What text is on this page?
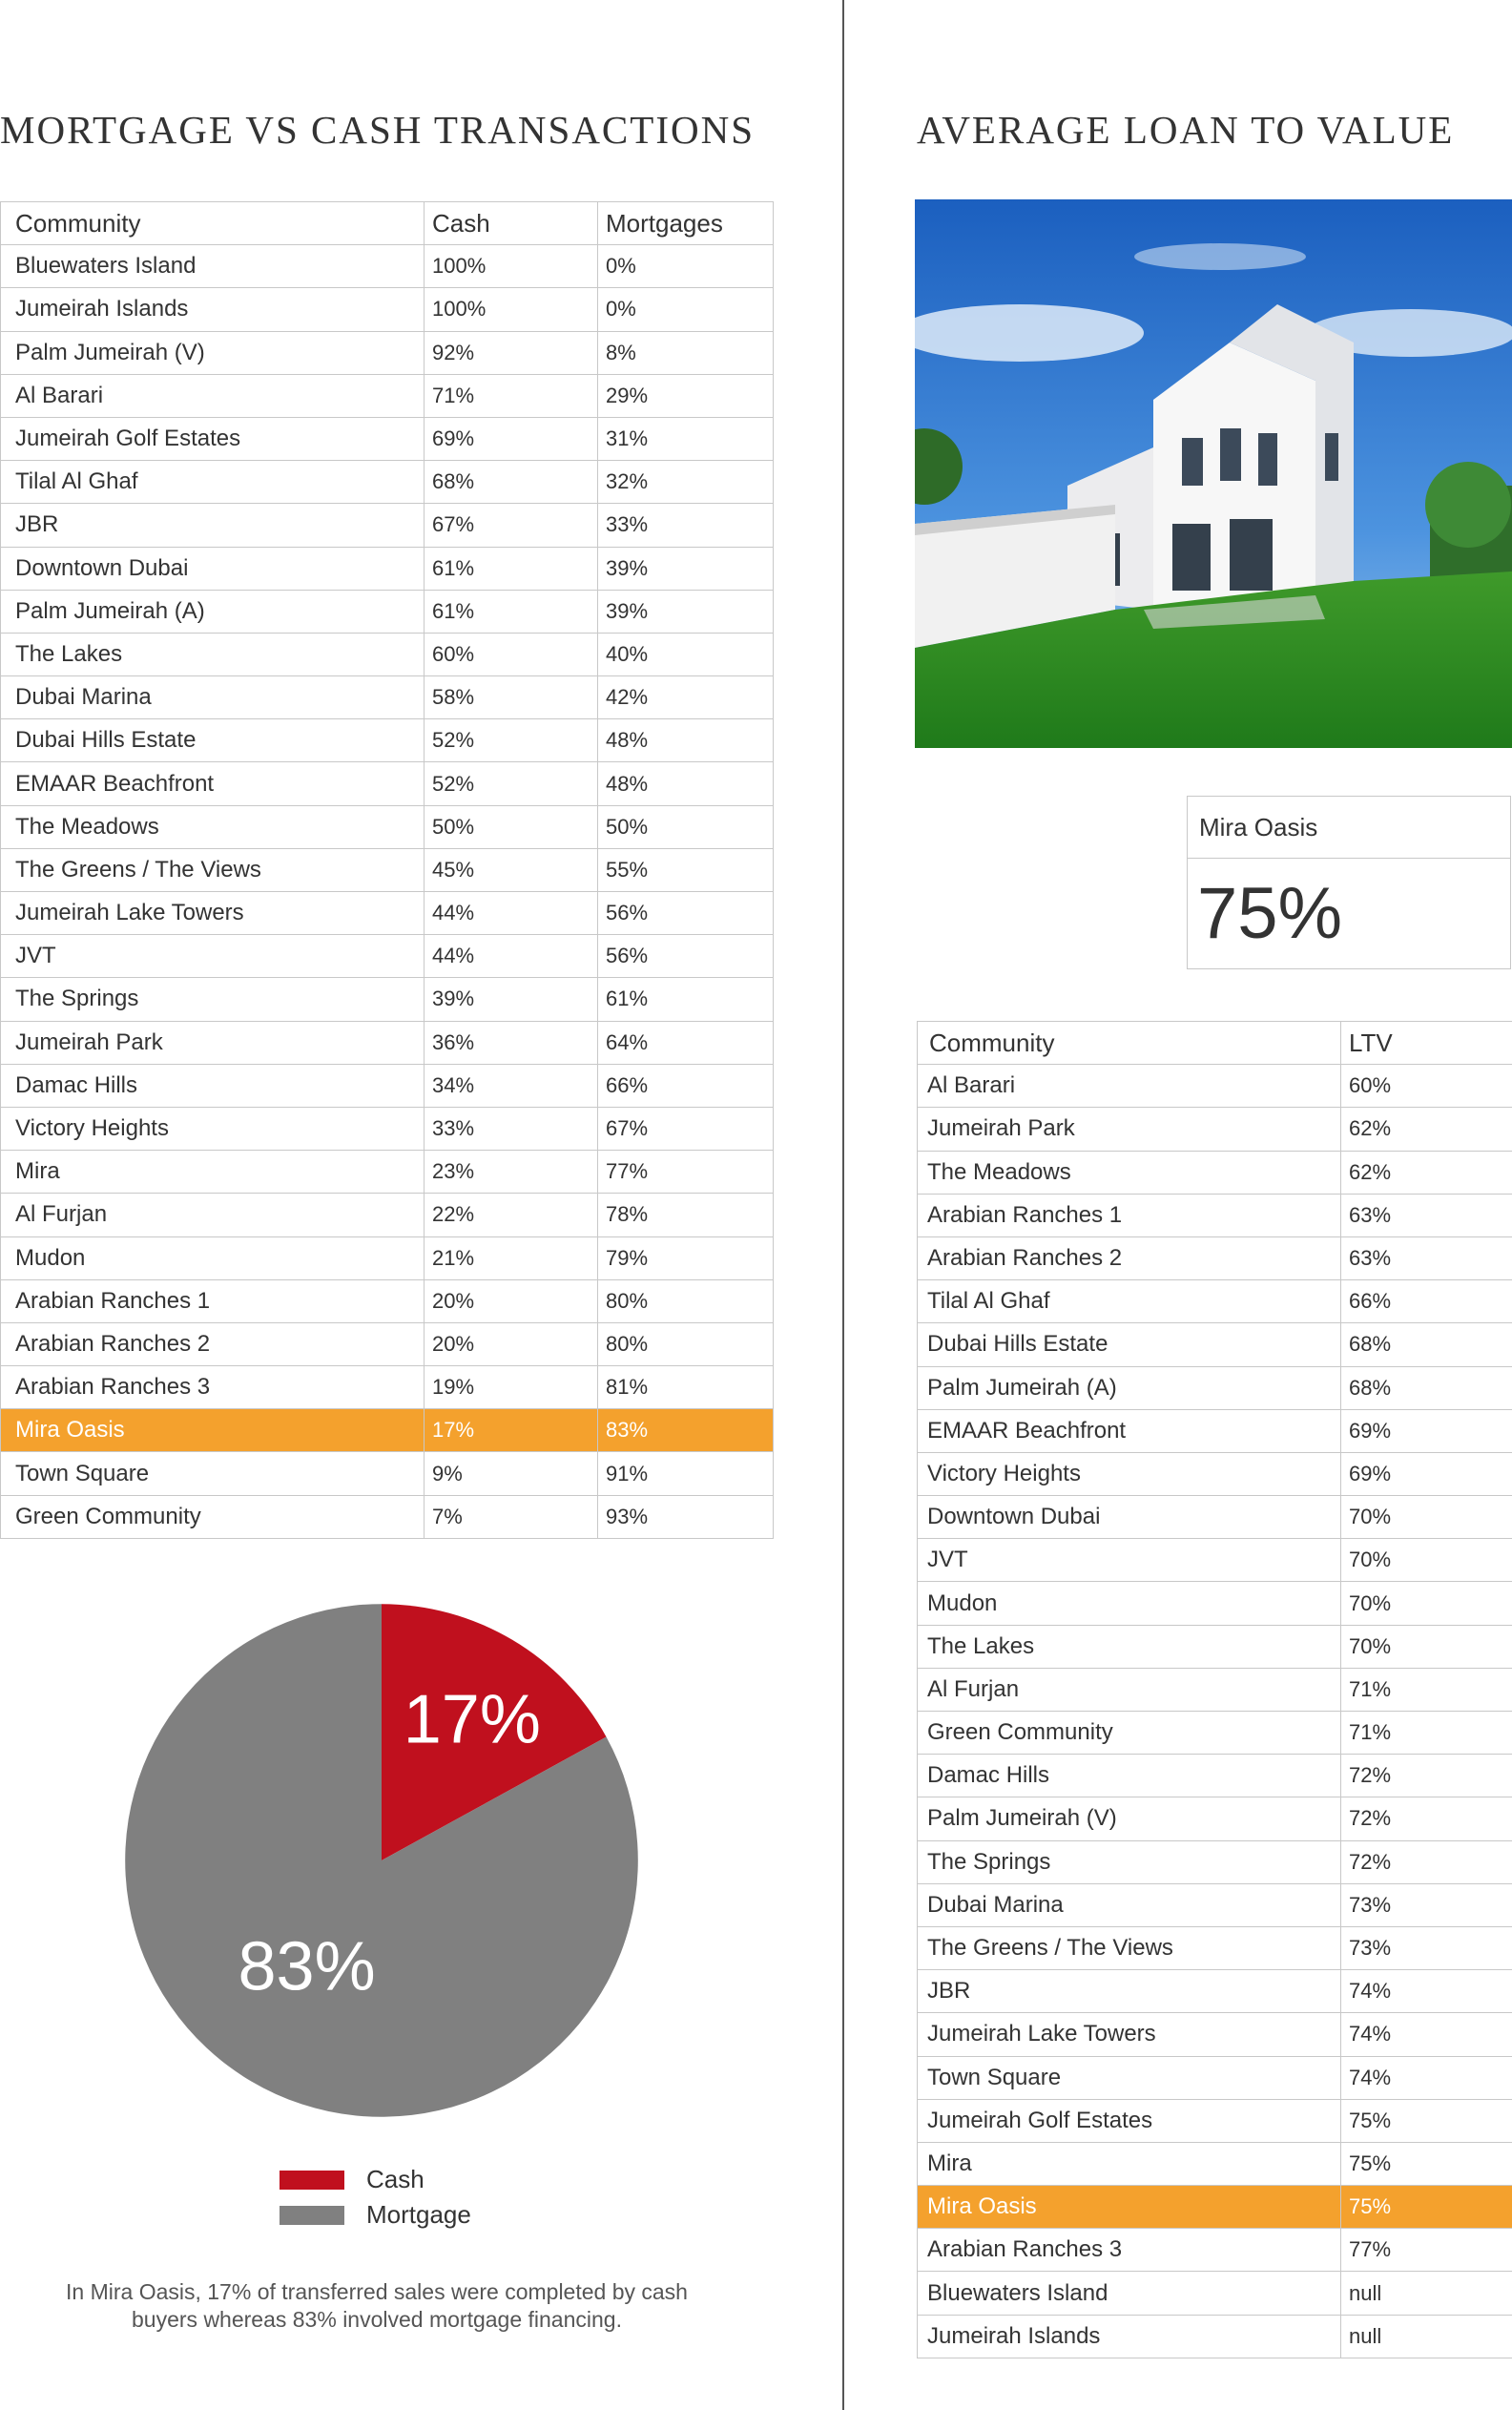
MORTGAGE VS CASH TRANSACTIONS
Community	Cash	Mortgages
Bluewaters Island	100%	0%
Jumeirah Islands	100%	0%
Palm Jumeirah (V)	92%	8%
Al Barari	71%	29%
Jumeirah Golf Estates	69%	31%
Tilal Al Ghaf	68%	32%
JBR	67%	33%
Downtown Dubai	61%	39%
Palm Jumeirah (A)	61%	39%
The Lakes	60%	40%
Dubai Marina	58%	42%
Dubai Hills Estate	52%	48%
EMAAR Beachfront	52%	48%
The Meadows	50%	50%
The Greens / The Views	45%	55%
Jumeirah Lake Towers	44%	56%
JVT	44%	56%
The Springs	39%	61%
Jumeirah Park	36%	64%
Damac Hills	34%	66%
Victory Heights	33%	67%
Mira	23%	77%
Al Furjan	22%	78%
Mudon	21%	79%
Arabian Ranches 1	20%	80%
Arabian Ranches 2	20%	80%
Arabian Ranches 3	19%	81%
Mira Oasis	17%	83%
Town Square	9%	91%
Green Community	7%	93%
17%
83%
Cash
Mortgage

In Mira Oasis, 17% of transferred sales were completed by cash buyers whereas 83% involved mortgage financing.

AVERAGE LOAN TO VALUE
Mira Oasis
75%
Community	LTV
Al Barari	60%
Jumeirah Park	62%
The Meadows	62%
Arabian Ranches 1	63%
Arabian Ranches 2	63%
Tilal Al Ghaf	66%
Dubai Hills Estate	68%
Palm Jumeirah (A)	68%
EMAAR Beachfront	69%
Victory Heights	69%
Downtown Dubai	70%
JVT	70%
Mudon	70%
The Lakes	70%
Al Furjan	71%
Green Community	71%
Damac Hills	72%
Palm Jumeirah (V)	72%
The Springs	72%
Dubai Marina	73%
The Greens / The Views	73%
JBR	74%
Jumeirah Lake Towers	74%
Town Square	74%
Jumeirah Golf Estates	75%
Mira	75%
Mira Oasis	75%
Arabian Ranches 3	77%
Bluewaters Island	null
Jumeirah Islands	null
